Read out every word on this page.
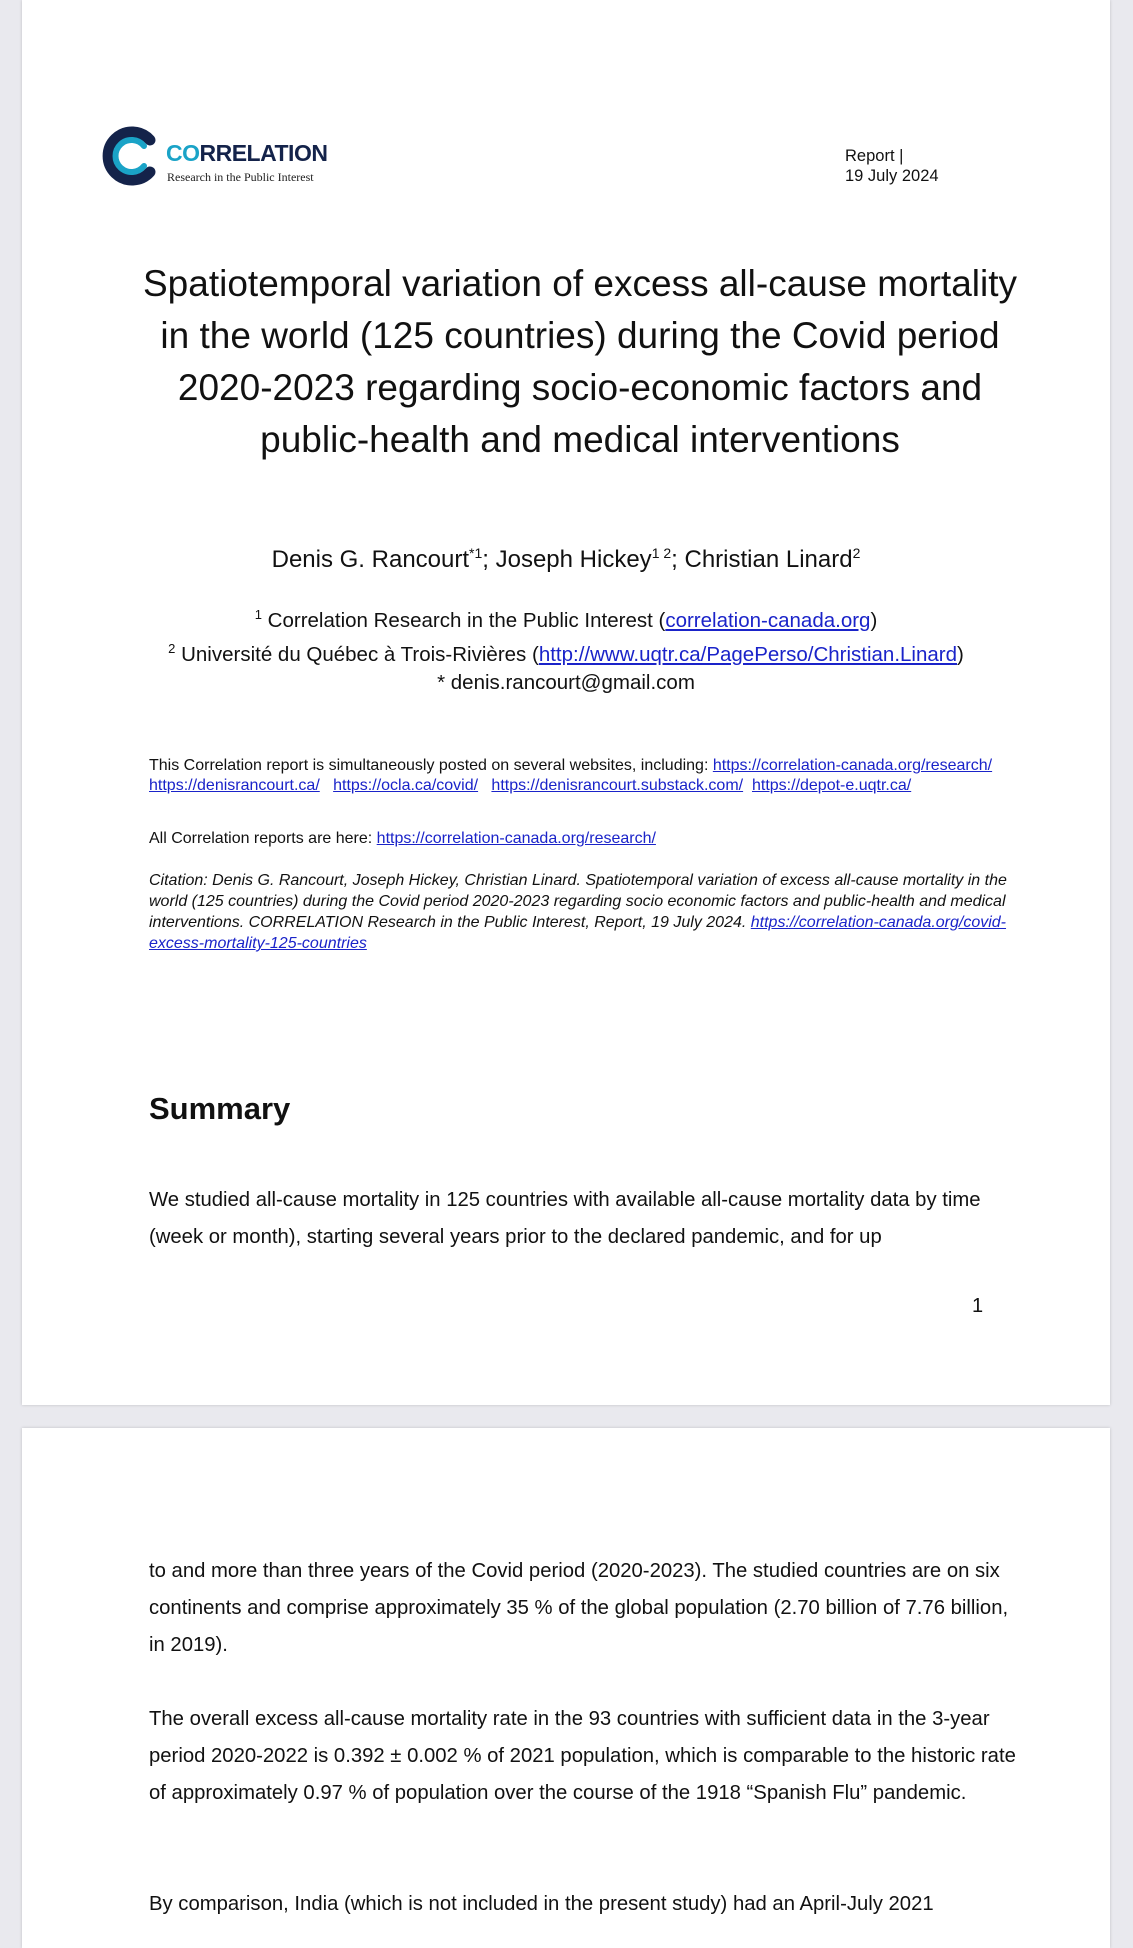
CORRELATION
Research in the Public Interest
Report |
19 July 2024
Spatiotemporal variation of excess all-cause mortality in the world (125 countries) during the Covid period 2020-2023 regarding socio-economic factors and public-health and medical interventions
Denis G. Rancourt$^{*1}$; Joseph Hickey$^{1 2}$; Christian Linard$^2$
$^1$ Correlation Research in the Public Interest (correlation-canada.org)
$^2$ Université du Québec à Trois-Rivières (http://www.uqtr.ca/PagePerso/Christian.Linard)
* denis.rancourt@gmail.com
This Correlation report is simultaneously posted on several websites, including: https://correlation-canada.org/research/  https://denisrancourt.ca/ https://ocla.ca/covid/ https://denisrancourt.substack.com/ https://depot-e.uqtr.ca/
All Correlation reports are here: https://correlation-canada.org/research/
Citation: Denis G. Rancourt, Joseph Hickey, Christian Linard. Spatiotemporal variation of excess all-cause mortality in the world (125 countries) during the Covid period 2020-2023 regarding socio economic factors and public-health and medical interventions. CORRELATION Research in the Public Interest, Report, 19 July 2024. https://correlation-canada.org/covid-excess-mortality-125-countries
Summary

We studied all-cause mortality in 125 countries with available all-cause mortality data by time (week or month), starting several years prior to the declared pandemic, and for up

1

to and more than three years of the Covid period (2020-2023). The studied countries are on six continents and comprise approximately 35 % of the global population (2.70 billion of 7.76 billion, in 2019).

The overall excess all-cause mortality rate in the 93 countries with sufficient data in the 3-year period 2020-2022 is 0.392 ± 0.002 % of 2021 population, which is comparable to the historic rate of approximately 0.97 % of population over the course of the 1918 “Spanish Flu” pandemic.

By comparison, India (which is not included in the present study) had an April-July 2021
